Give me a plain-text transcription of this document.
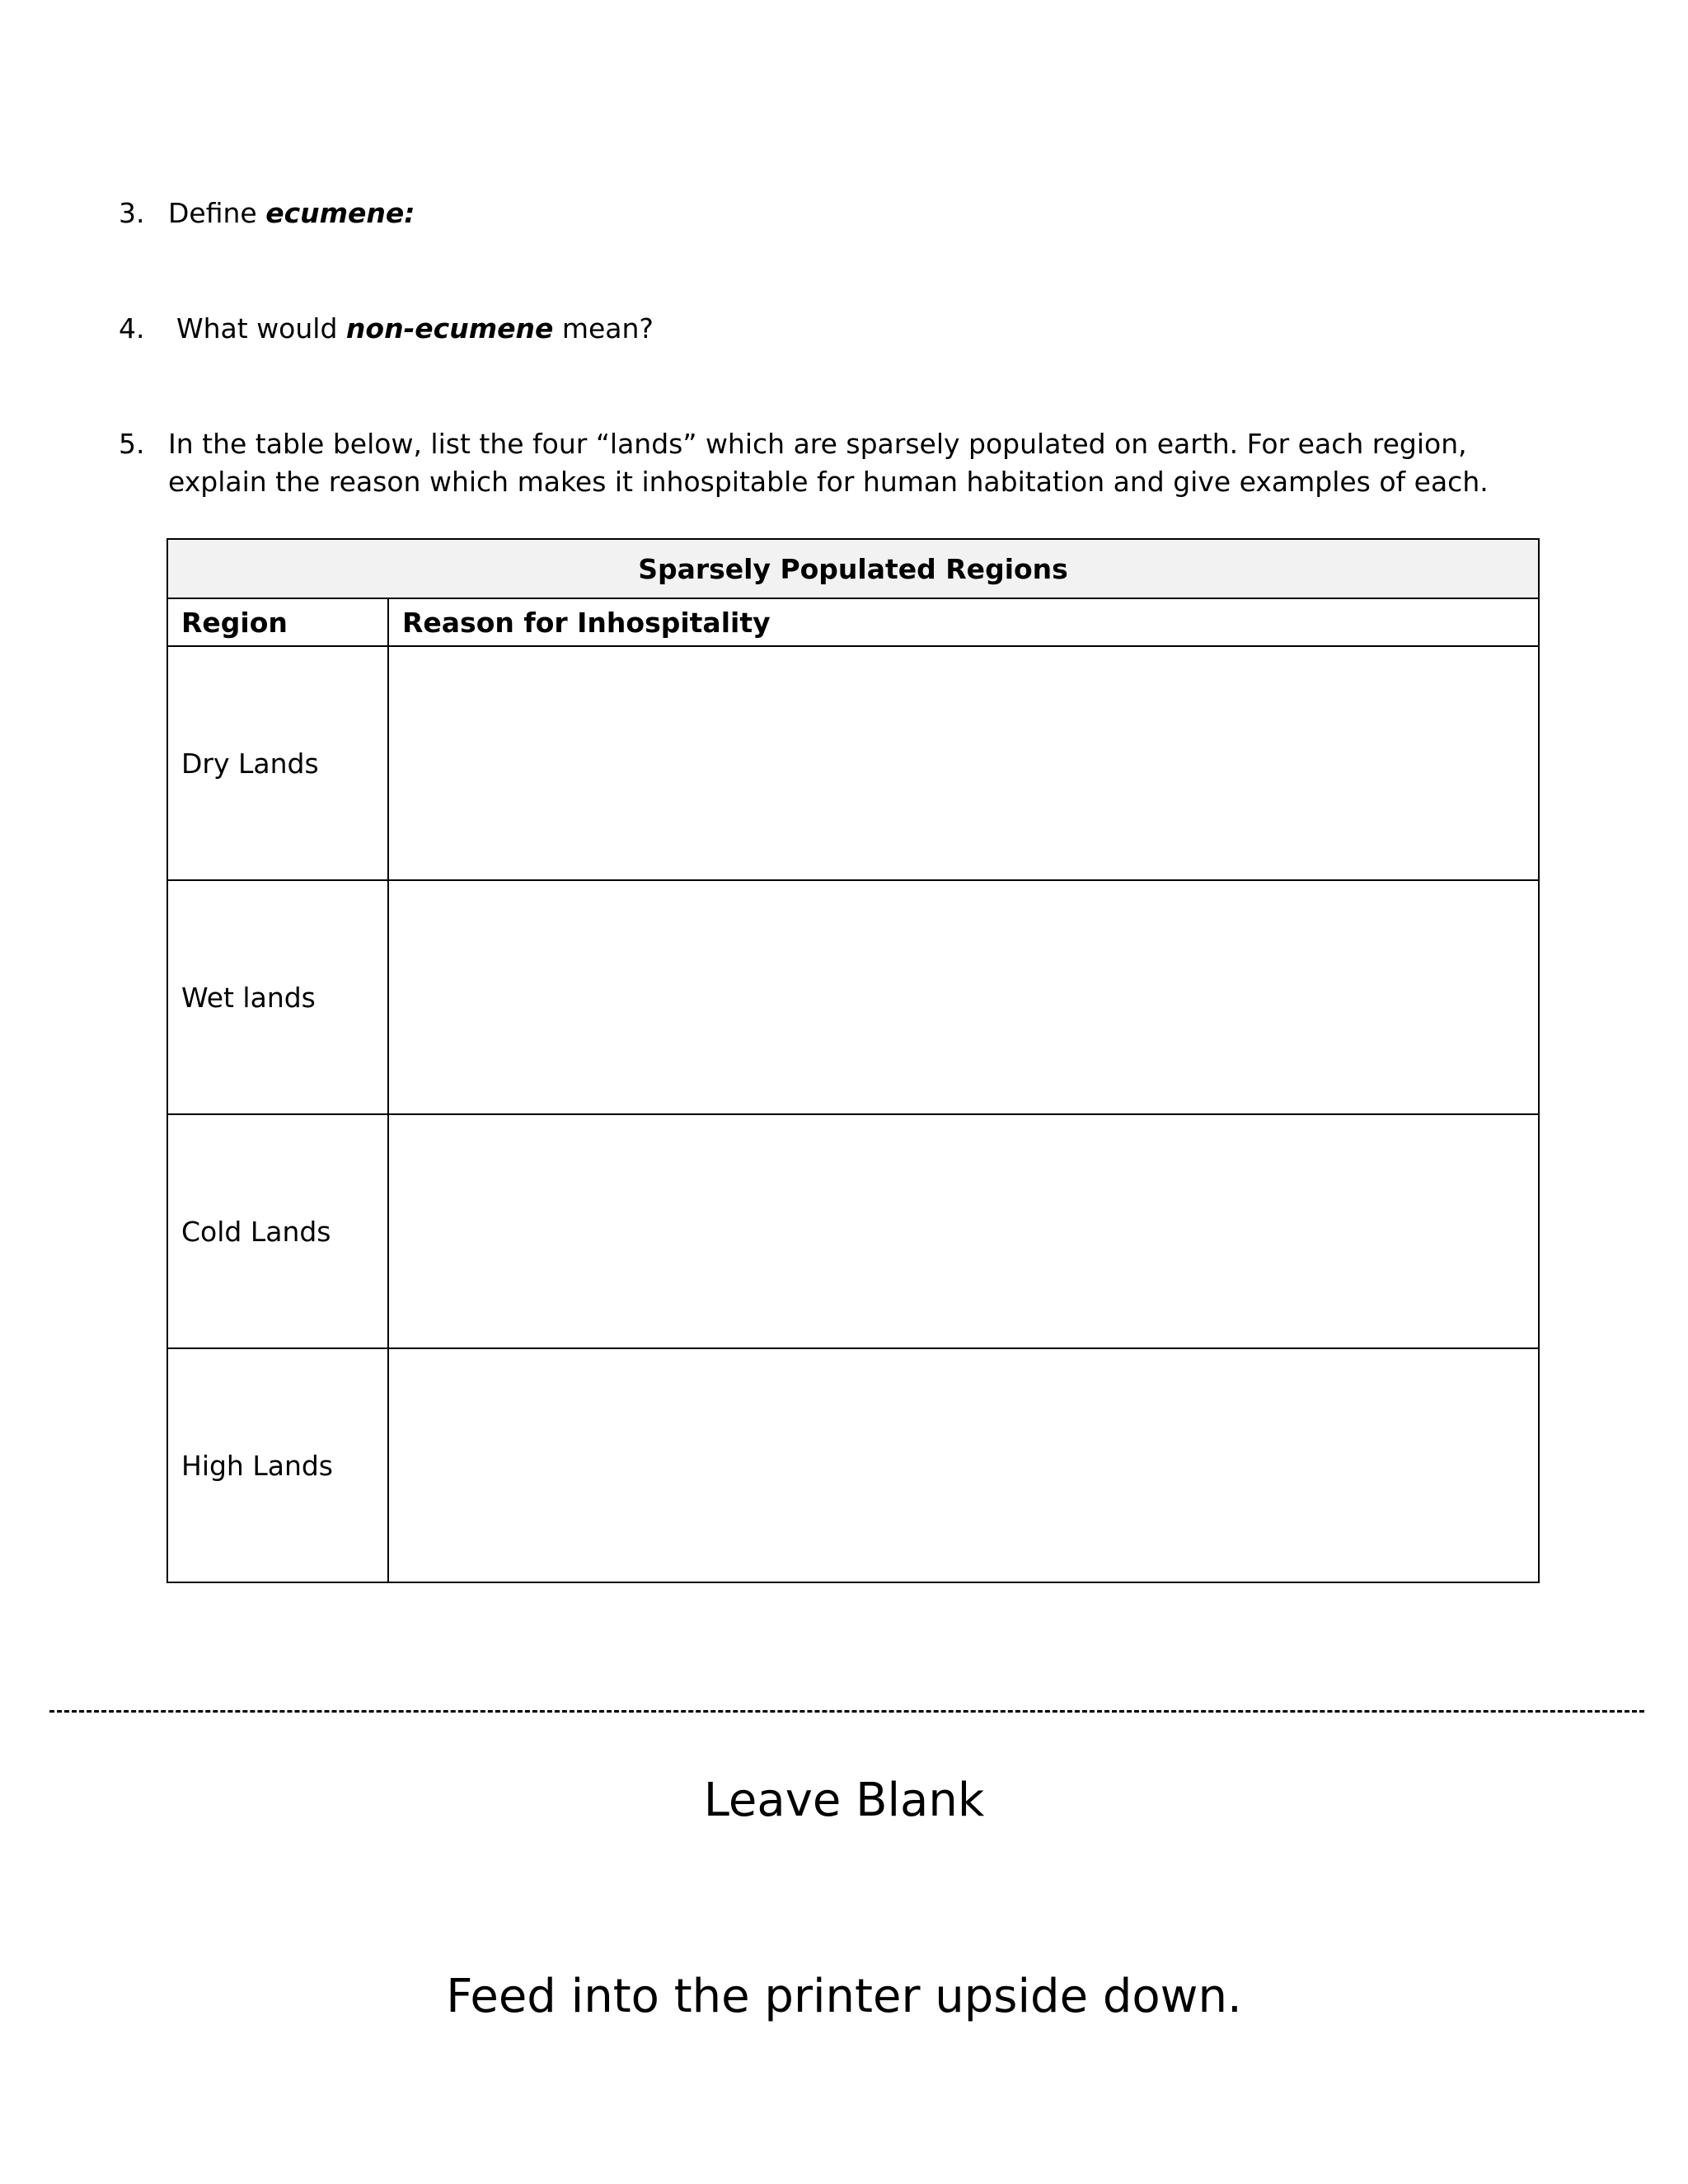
3. Define ecumene:
4. What would non-ecumene mean?
5. In the table below, list the four “lands” which are sparsely populated on earth. For each region, explain the reason which makes it inhospitable for human habitation and give examples of each.
Sparsely Populated Regions	
Region	Reason for Inhospitality
Dry Lands	
Wet lands	
Cold Lands	
High Lands	
Leave Blank
Feed into the printer upside down.
